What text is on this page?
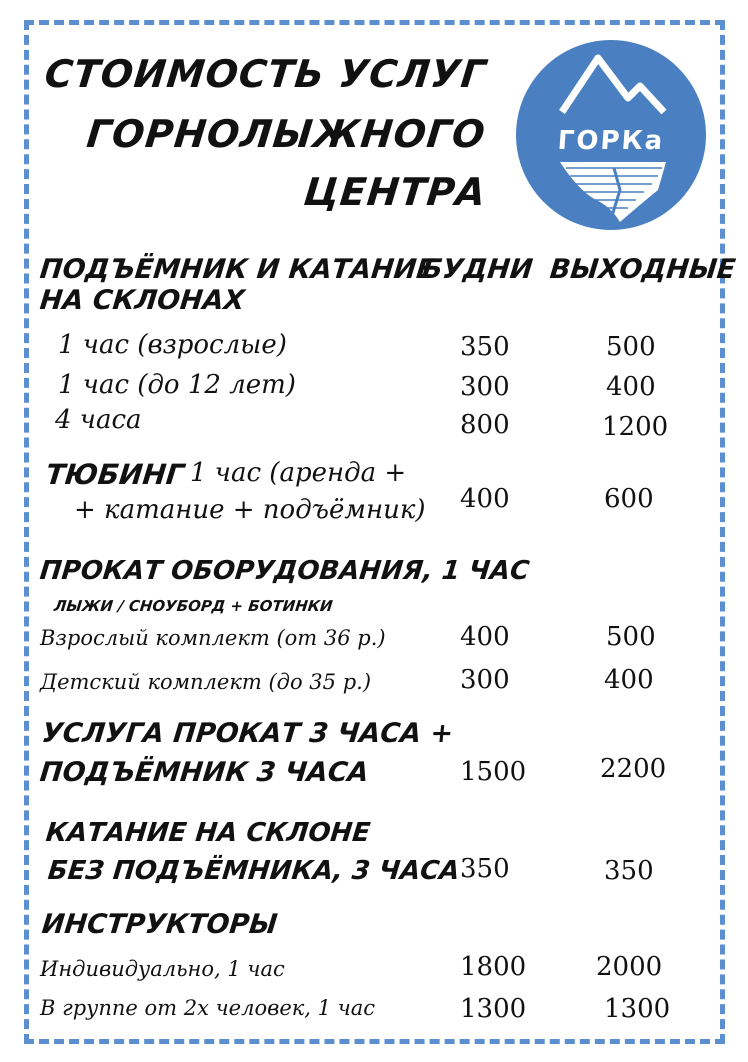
СТОИМОСТЬ УСЛУГ
ГОРНОЛЫЖНОГО
ЦЕНТРА
ГОРКа
ПОДЪЁМНИК И КАТАНИЕ
НА СКЛОНАХ
БУДНИ ВЫХОДНЫЕ
1 час (взрослые)	350	500
1 час (до 12 лет)	300	400
4 часа	800	1200
ТЮБИНГ 1 час (аренда +
+ катание + подъёмник) 400	600
ПРОКАТ ОБОРУДОВАНИЯ, 1 ЧАС
ЛЫЖИ / СНОУБОРД + БОТИНКИ
Взрослый комплект (от 36 р.)	400	500
Детский комплект (до 35 р.)	300	400
УСЛУГА ПРОКАТ 3 ЧАСА +
ПОДЪЁМНИК 3 ЧАСА	1500	2200
КАТАНИЕ НА СКЛОНЕ
БЕЗ ПОДЪЁМНИКА, 3 ЧАСА
350	350
ИНСТРУКТОРЫ
Индивидуально, 1 час	1800	2000
В группе от 2х человек, 1 час	1300	1300
